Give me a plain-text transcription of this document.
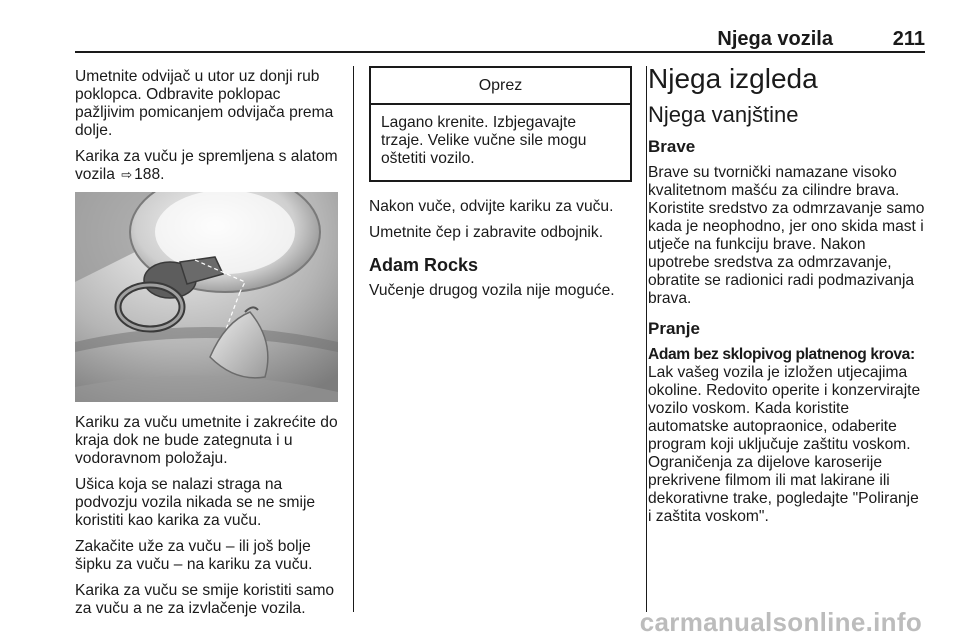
Njega vozila	211

Umetnite odvijač u utor uz donji rub poklopca. Odbravite poklopac pažljivim pomicanjem odvijača prema dolje.

Karika za vuču je spremljena s alatom vozila ⇨ 188.

Kariku za vuču umetnite i zakrećite do kraja dok ne bude zategnuta i u vodoravnom položaju.

Ušica koja se nalazi straga na podvozju vozila nikada se ne smije koristiti kao karika za vuču.

Zakačite uže za vuču – ili još bolje šipku za vuču – na kariku za vuču.

Karika za vuču se smije koristiti samo za vuču a ne za izvlačenje vozila.

Oprez
Lagano krenite. Izbjegavajte trzaje. Velike vučne sile mogu oštetiti vozilo.

Nakon vuče, odvijte kariku za vuču.

Umetnite čep i zabravite odbojnik.

Adam Rocks

Vučenje drugog vozila nije moguće.

Njega izgleda
Njega vanjštine
Brave

Brave su tvornički namazane visoko kvalitetnom mašću za cilindre brava. Koristite sredstvo za odmrzavanje samo kada je neophodno, jer ono skida mast i utječe na funkciju brave. Nakon upotrebe sredstva za odmrzavanje, obratite se radionici radi podmazivanja brava.

Pranje

Adam bez sklopivog platnenog krova: Lak vašeg vozila je izložen utjecajima okoline. Redovito operite i konzervirajte vozilo voskom. Kada koristite automatske autopraonice, odaberite program koji uključuje zaštitu voskom. Ograničenja za dijelove karoserije prekrivene filmom ili mat lakirane ili dekorativne trake, pogledajte "Poliranje i zaštita voskom".

carmanualsonline.info
